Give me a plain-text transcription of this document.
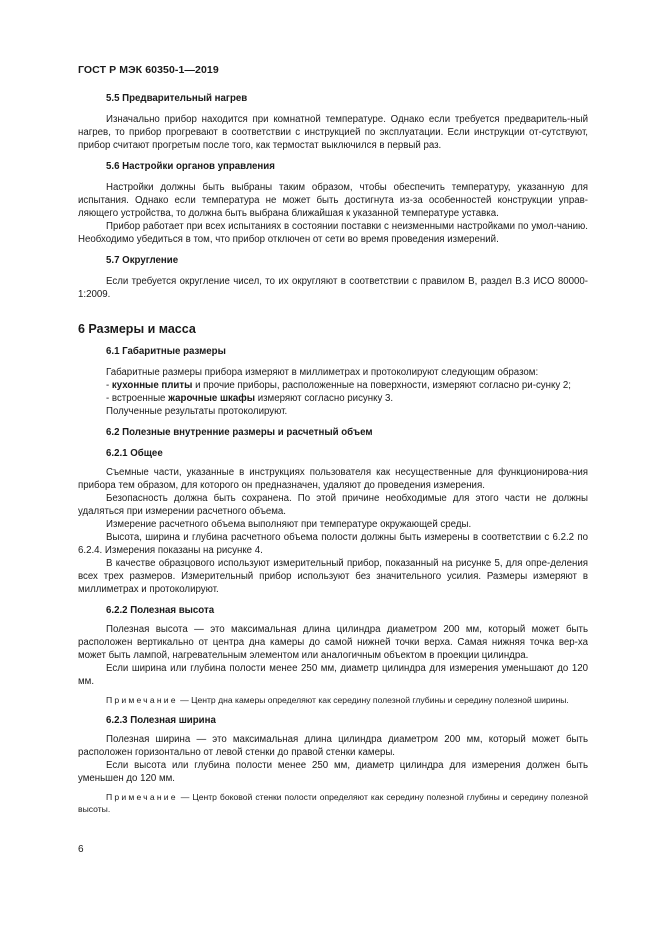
ГОСТ Р МЭК 60350-1—2019

5.5 Предварительный нагрев

Изначально прибор находится при комнатной температуре. Однако если требуется предваритель-ный нагрев, то прибор прогревают в соответствии с инструкцией по эксплуатации. Если инструкции от-сутствуют, прибор считают прогретым после того, как термостат выключился в первый раз.

5.6 Настройки органов управления

Настройки должны быть выбраны таким образом, чтобы обеспечить температуру, указанную для испытания. Однако если температура не может быть достигнута из-за особенностей конструкции управ-ляющего устройства, то должна быть выбрана ближайшая к указанной температуре уставка.

Прибор работает при всех испытаниях в состоянии поставки с неизменными настройками по умол-чанию. Необходимо убедиться в том, что прибор отключен от сети во время проведения измерений.

5.7 Округление

Если требуется округление чисел, то их округляют в соответствии с правилом В, раздел В.3 ИСО 80000-1:2009.

6 Размеры и масса

6.1 Габаритные размеры

Габаритные размеры прибора измеряют в миллиметрах и протоколируют следующим образом:

- кухонные плиты и прочие приборы, расположенные на поверхности, измеряют согласно ри-сунку 2;

- встроенные жарочные шкафы измеряют согласно рисунку 3.

Полученные результаты протоколируют.

6.2 Полезные внутренние размеры и расчетный объем

6.2.1 Общее

Съемные части, указанные в инструкциях пользователя как несущественные для функционирова-ния прибора тем образом, для которого он предназначен, удаляют до проведения измерения.

Безопасность должна быть сохранена. По этой причине необходимые для этого части не должны удаляться при измерении расчетного объема.

Измерение расчетного объема выполняют при температуре окружающей среды.

Высота, ширина и глубина расчетного объема полости должны быть измерены в соответствии с 6.2.2 по 6.2.4. Измерения показаны на рисунке 4.

В качестве образцового используют измерительный прибор, показанный на рисунке 5, для опре-деления всех трех размеров. Измерительный прибор используют без значительного усилия. Размеры измеряют в миллиметрах и протоколируют.

6.2.2 Полезная высота

Полезная высота — это максимальная длина цилиндра диаметром 200 мм, который может быть расположен вертикально от центра дна камеры до самой нижней точки верха. Самая нижняя точка вер-ха может быть лампой, нагревательным элементом или аналогичным объектом в проекции цилиндра.

Если ширина или глубина полости менее 250 мм, диаметр цилиндра для измерения уменьшают до 120 мм.

Примечание — Центр дна камеры определяют как середину полезной глубины и середину полезной ширины.

6.2.3 Полезная ширина

Полезная ширина — это максимальная длина цилиндра диаметром 200 мм, который может быть расположен горизонтально от левой стенки до правой стенки камеры.

Если высота или глубина полости менее 250 мм, диаметр цилиндра для измерения должен быть уменьшен до 120 мм.

Примечание — Центр боковой стенки полости определяют как середину полезной глубины и середину полезной высоты.

6
